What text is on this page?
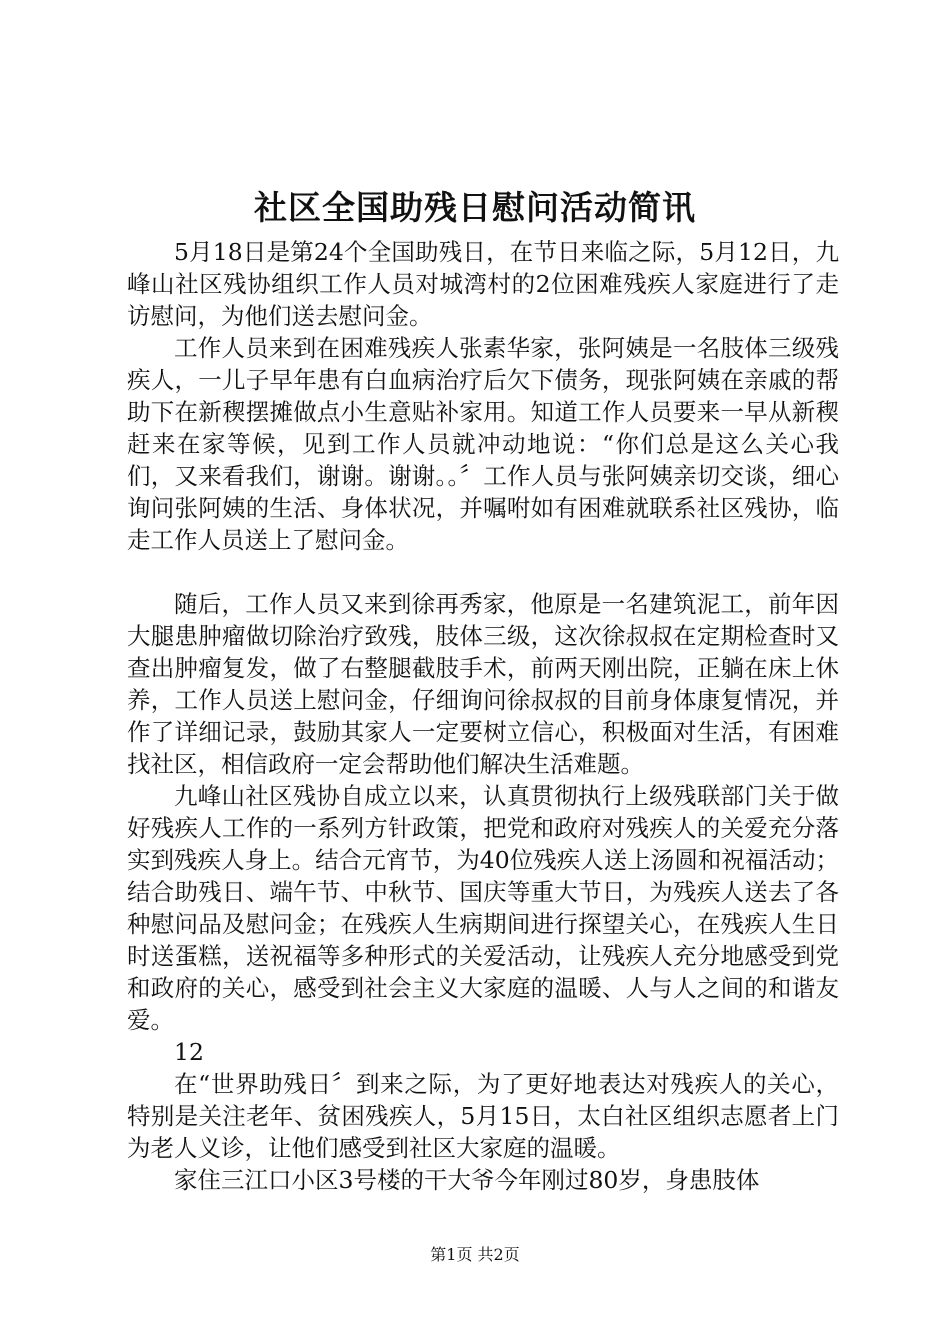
社区全国助残日慰问活动简讯

5月18日是第24个全国助残日，在节日来临之际，5月12日，九峰山社区残协组织工作人员对城湾村的2位困难残疾人家庭进行了走访慰问，为他们送去慰问金。

工作人员来到在困难残疾人张素华家，张阿姨是一名肢体三级残疾人，一儿子早年患有白血病治疗后欠下债务，现张阿姨在亲戚的帮助下在新稧摆摊做点小生意贴补家用。知道工作人员要来一早从新稧赶来在家等候，见到工作人员就冲动地说：“你们总是这么关心我们，又来看我们，谢谢。谢谢。。〞工作人员与张阿姨亲切交谈，细心询问张阿姨的生活、身体状况，并嘱咐如有困难就联系社区残协，临走工作人员送上了慰问金。

随后，工作人员又来到徐再秀家，他原是一名建筑泥工，前年因大腿患肿瘤做切除治疗致残，肢体三级，这次徐叔叔在定期检查时又查出肿瘤复发，做了右整腿截肢手术，前两天刚出院，正躺在床上休养，工作人员送上慰问金，仔细询问徐叔叔的目前身体康复情况，并作了详细记录，鼓励其家人一定要树立信心，积极面对生活，有困难找社区，相信政府一定会帮助他们解决生活难题。

九峰山社区残协自成立以来，认真贯彻执行上级残联部门关于做好残疾人工作的一系列方针政策，把党和政府对残疾人的关爱充分落实到残疾人身上。结合元宵节，为40位残疾人送上汤圆和祝福活动；结合助残日、端午节、中秋节、国庆等重大节日，为残疾人送去了各种慰问品及慰问金；在残疾人生病期间进行探望关心，在残疾人生日时送蛋糕，送祝福等多种形式的关爱活动，让残疾人充分地感受到党和政府的关心，感受到社会主义大家庭的温暖、人与人之间的和谐友爱。

12

在“世界助残日〞到来之际，为了更好地表达对残疾人的关心，特别是关注老年、贫困残疾人，5月15日，太白社区组织志愿者上门为老人义诊，让他们感受到社区大家庭的温暖。

家住三江口小区3号楼的干大爷今年刚过80岁，身患肢体

第1页 共2页
